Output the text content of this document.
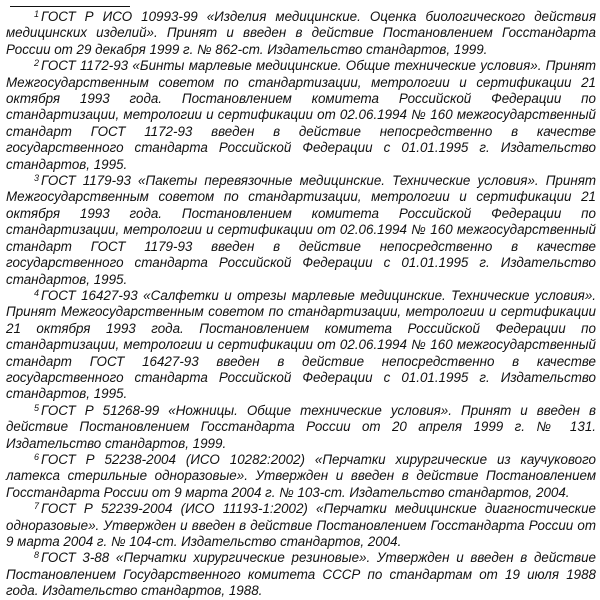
$^1$ ГОСТ Р ИСО 10993-99 «Изделия медицинские. Оценка биологического действия медицинских изделий». Принят и введен в действие Постановлением Госстандарта России от 29 декабря 1999 г. № 862-ст. Издательство стандартов, 1999.

$^2$ ГОСТ 1172-93 «Бинты марлевые медицинские. Общие технические условия». Принят Межгосударственным советом по стандартизации, метрологии и сертификации 21 октября 1993 года. Постановлением комитета Российской Федерации по стандартизации, метрологии и сертификации от 02.06.1994 № 160 межгосударственный стандарт ГОСТ 1172-93 введен в действие непосредственно в качестве государственного стандарта Российской Федерации с 01.01.1995 г. Издательство стандартов, 1995.

$^3$ ГОСТ 1179-93 «Пакеты перевязочные медицинские. Технические условия». Принят Межгосударственным советом по стандартизации, метрологии и сертификации 21 октября 1993 года. Постановлением комитета Российской Федерации по стандартизации, метрологии и сертификации от 02.06.1994 № 160 межгосударственный стандарт ГОСТ 1179-93 введен в действие непосредственно в качестве государственного стандарта Российской Федерации с 01.01.1995 г. Издательство стандартов, 1995.

$^4$ ГОСТ 16427-93 «Салфетки и отрезы марлевые медицинские. Технические условия». Принят Межгосударственным советом по стандартизации, метрологии и сертификации 21 октября 1993 года. Постановлением комитета Российской Федерации по стандартизации, метрологии и сертификации от 02.06.1994 № 160 межгосударственный стандарт ГОСТ 16427-93 введен в действие непосредственно в качестве государственного стандарта Российской Федерации с 01.01.1995 г. Издательство стандартов, 1995.

$^5$ ГОСТ Р 51268-99 «Ножницы. Общие технические условия». Принят и введен в действие Постановлением Госстандарта России от 20 апреля 1999 г. № 131. Издательство стандартов, 1999.

$^6$ ГОСТ Р 52238-2004 (ИСО 10282:2002) «Перчатки хирургические из каучукового латекса стерильные одноразовые». Утвержден и введен в действие Постановлением Госстандарта России от 9 марта 2004 г. № 103-ст. Издательство стандартов, 2004.

$^7$ ГОСТ Р 52239-2004 (ИСО 11193-1:2002) «Перчатки медицинские диагностические одноразовые». Утвержден и введен в действие Постановлением Госстандарта России от 9 марта 2004 г. № 104-ст. Издательство стандартов, 2004.

$^8$ ГОСТ 3-88 «Перчатки хирургические резиновые». Утвержден и введен в действие Постановлением Государственного комитета СССР по стандартам от 19 июля 1988 года. Издательство стандартов, 1988.
